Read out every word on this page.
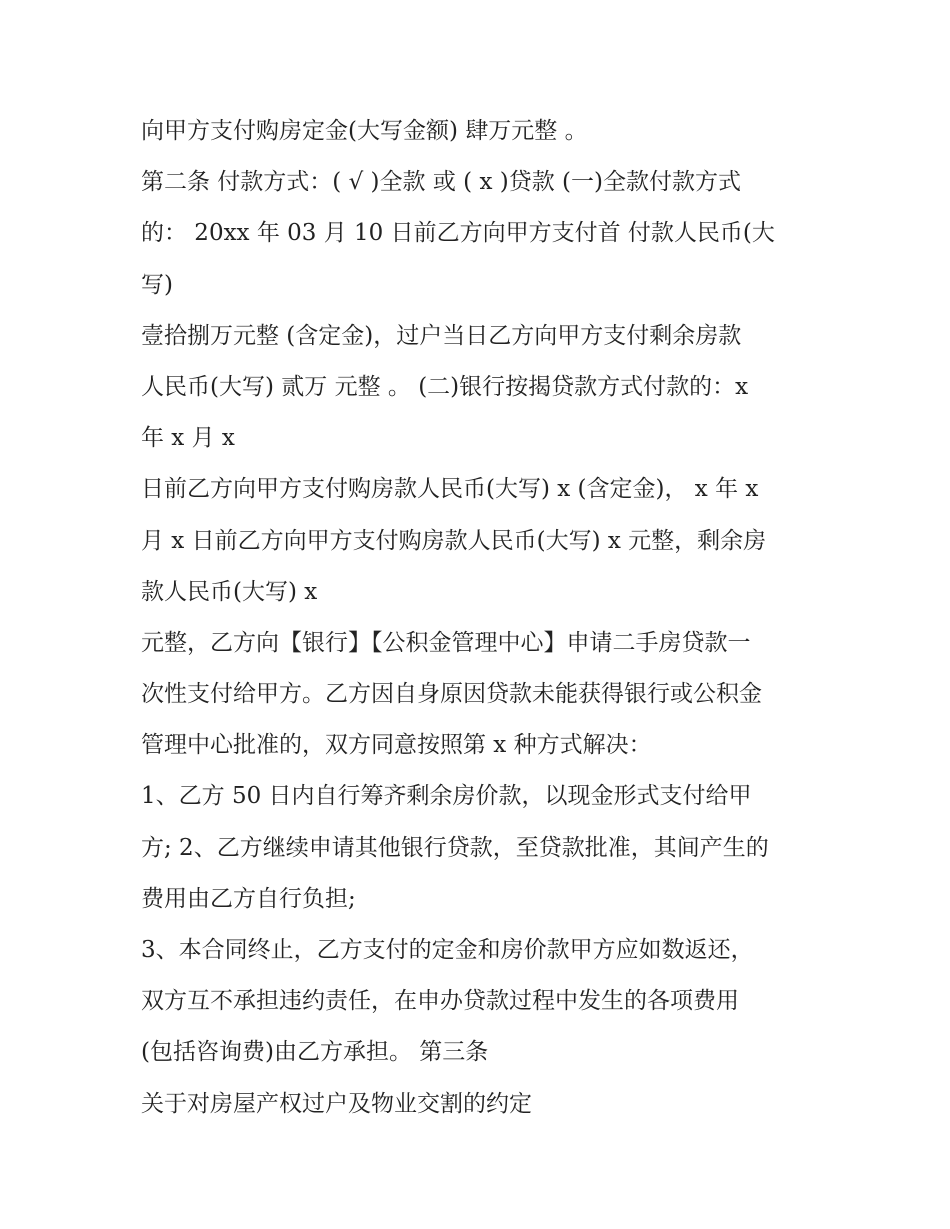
向甲方支付购房定金(大写金额) 肆万元整 。
第二条 付款方式：( √ )全款 或 ( x )贷款 (一)全款付款方式
的： 20xx 年 03 月 10 日前乙方向甲方支付首 付款人民币(大
写)
壹拾捌万元整 (含定金)，过户当日乙方向甲方支付剩余房款
人民币(大写) 贰万 元整 。 (二)银行按揭贷款方式付款的：x
年 x 月 x
日前乙方向甲方支付购房款人民币(大写) x (含定金)， x 年 x
月 x 日前乙方向甲方支付购房款人民币(大写) x 元整，剩余房
款人民币(大写) x
元整，乙方向【银行】【公积金管理中心】申请二手房贷款一
次性支付给甲方。乙方因自身原因贷款未能获得银行或公积金
管理中心批准的，双方同意按照第 x 种方式解决：
1、乙方 50 日内自行筹齐剩余房价款，以现金形式支付给甲
方; 2、乙方继续申请其他银行贷款，至贷款批准，其间产生的
费用由乙方自行负担;
3、本合同终止，乙方支付的定金和房价款甲方应如数返还，
双方互不承担违约责任，在申办贷款过程中发生的各项费用
(包括咨询费)由乙方承担。 第三条
关于对房屋产权过户及物业交割的约定
